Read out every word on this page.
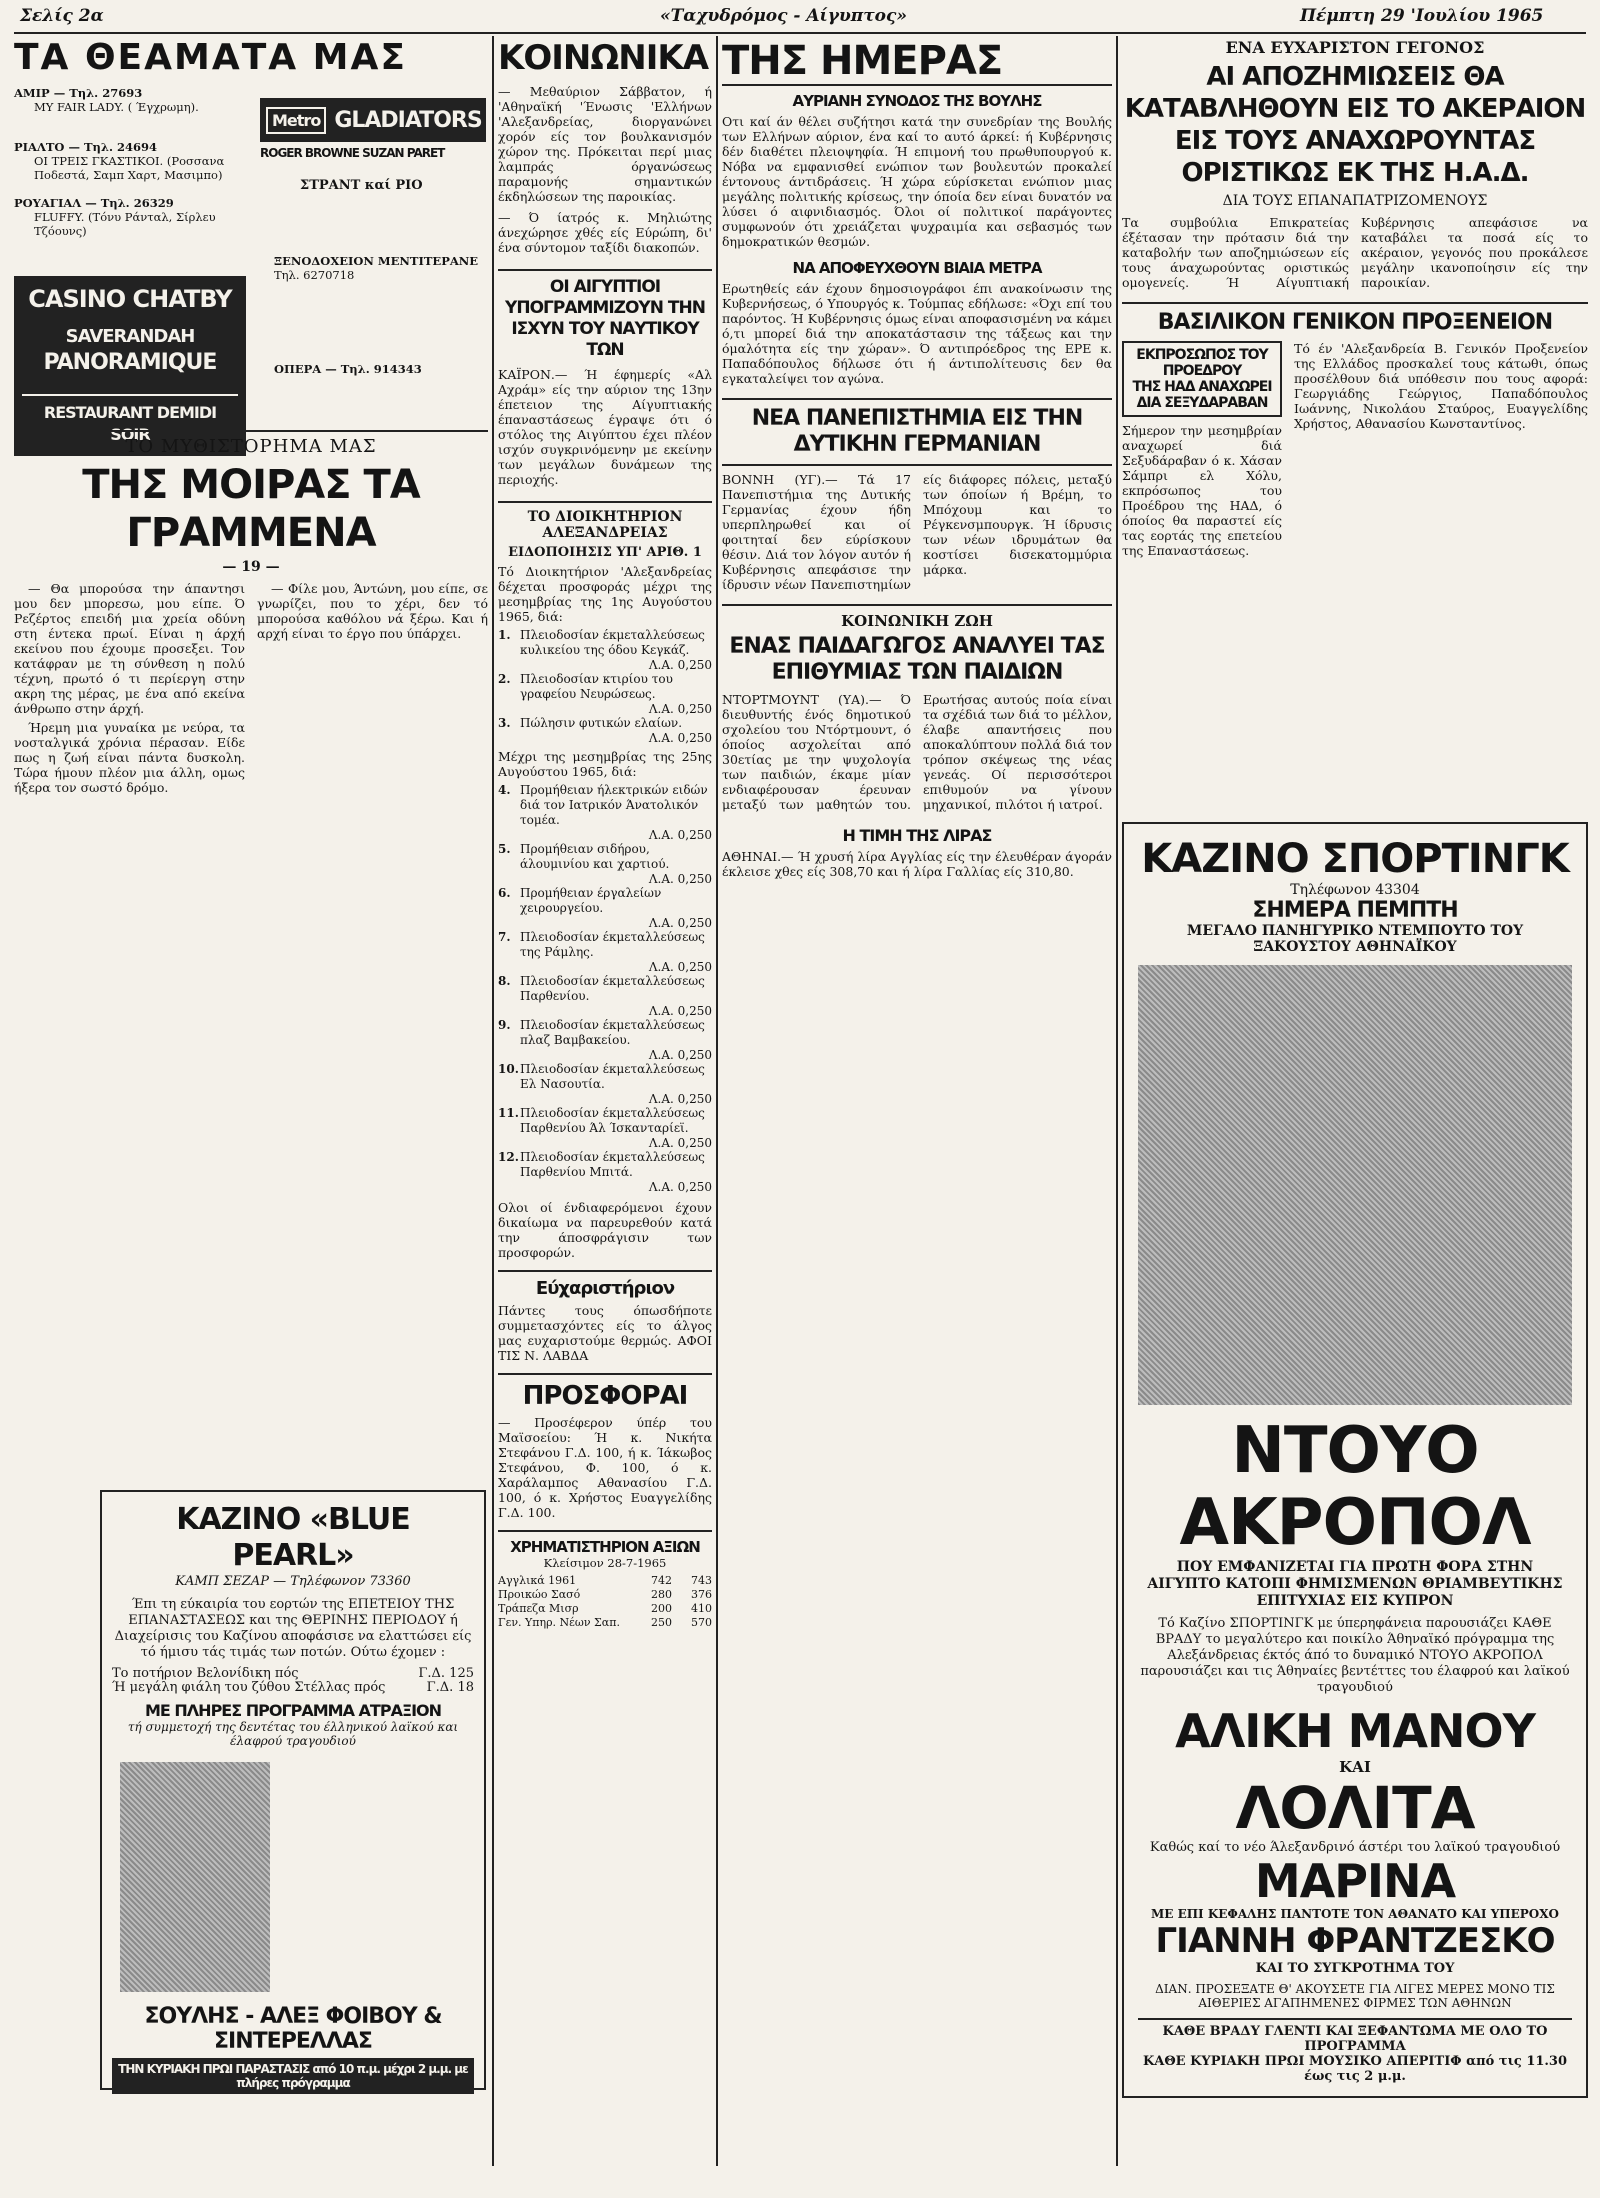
Σελίς 2α	«Ταχυδρόμος - Αίγυπτος»	Πέμπτη 29 'Ιουλίου 1965
ΤΑ ΘΕΑΜΑΤΑ ΜΑΣ
ΑΜΙΡ — Τηλ. 27693
MY FAIR LADY. ( Έγχρωμη).
ΡΙΑΛΤΟ — Τηλ. 24694
ΟΙ ΤΡΕΙΣ ΓΚΑΣΤΙΚΟΙ. (Ροσσανα Ποδεστά, Σαμπ Χαρτ, Μασιμπο)
ΡΟΥΑΓΙΑΛ — Τηλ. 26329
FLUFFY. (Τόνυ Ράνταλ, Σίρλευ Τζόουνς)
CASINO CHATBY
SAVERANDAH
PANORAMIQUE
RESTAURANT DEMIDI SOIR
Metro GLADIATORS
ROGER BROWNE SUZAN PARET
ΣΤΡΑΝΤ καί ΡΙΟ
ΞΕΝΟΔΟΧΕΙΟΝ ΜΕΝΤΙΤΕΡΑΝΕ
Τηλ. 6270718
ΟΠΕΡΑ — Τηλ. 914343
ΤΟ ΜΥΘΙΣΤΟΡΗΜΑ ΜΑΣ
ΤΗΣ ΜΟΙΡΑΣ ΤΑ ΓΡΑΜΜΕΝΑ
— 19 —

— Θα μπορούσα την άπαντησι μου δεν μπορεσω, μου είπε. Ό Ρεζέρτος επειδή μια χρεία οδύνη στη έντεκα πρωί. Είναι η άρχή εκείνου που έχουμε προσεξει. Τον κατάφραν με τη σύνθεση η πολύ τέχνη, πρωτό ό τι περίεργη στην ακρη της μέρας, με ένα από εκείνα άνθρωπο στην άρχή.

Ήρεμη μια γυναίκα με νεύρα, τα νοσταλγικά χρόνια πέρασαν. Είδε πως η ζωή είναι πάντα δυσκολη. Τώρα ήμουν πλέον μια άλλη, ομως ήξερα τον σωστό δρόμο.

— Φίλε μου, Άντώνη, μου είπε, σε γνωρίζει, που το χέρι, δεν τό μπορούσα καθόλου νά ξέρω. Και ή αρχή είναι το έργο που ύπάρχει.

ΚΑΖΙΝΟ «BLUE PEARL»
ΚΑΜΠ ΣΕΖΑΡ — Τηλέφωνον 73360
Έπι τη εύκαιρία του εορτών της ΕΠΕΤΕΙΟΥ ΤΗΣ ΕΠΑΝΑΣΤΑΣΕΩΣ και της ΘΕΡΙΝΗΣ ΠΕΡΙΟΔΟΥ ή Διαχείρισις του Καζίνου αποφάσισε να ελαττώσει είς τό ήμισυ τάς τιμάς των ποτών. Ούτω έχομεν :
Το ποτήριον Βελονίδικη πός	Γ.Δ. 125
Ή μεγάλη φιάλη του ζύθου Στέλλας πρός	Γ.Δ. 18
ΜΕ ΠΛΗΡΕΣ ΠΡΟΓΡΑΜΜΑ ΑΤΡΑΞΙΟΝ
τή συμμετοχή της δεντέτας του έλληνικού λαϊκού και έλαφρού τραγουδιού
ΣΟΥΛΗΣ - ΑΛΕΞ ΦΟΙΒΟΥ & ΣΙΝΤΕΡΕΛΛΑΣ
ΤΗΝ ΚΥΡΙΑΚΗ ΠΡΩΙ ΠΑΡΑΣΤΑΣΙΣ από 10 π.μ. μέχρι 2 μ.μ. με πλήρες πρόγραμμα
ΚΟΙΝΩΝΙΚΑ
— Μεθαύριον Σάββατον, ή 'Αθηναϊκή 'Ένωσις 'Ελλήνων 'Αλεξανδρείας, διοργανώνει χορόν είς τον βουλκανισμόν χώρον της. Πρόκειται περί μιας λαμπράς όργανώσεως παραμονής σημαντικών έκδηλώσεων της παροικίας.
— Ό ίατρός κ. Μηλιώτης άνεχώρησε χθές είς Εύρώπη, δι' ένα σύντομον ταξίδι διακοπών.
ΟΙ ΑΙΓΥΠΤΙΟΙ ΥΠΟΓΡΑΜΜΙΖΟΥΝ ΤΗΝ ΙΣΧΥΝ ΤΟΥ ΝΑΥΤΙΚΟΥ ΤΩΝ
ΚΑΪΡΟΝ.— Ή έφημερίς «Αλ Αχράμ» είς την αύριον της 13ην έπετειον της Αίγυπτιακής έπαναστάσεως έγραψε ότι ό στόλος της Αιγύπτου έχει πλέον ισχύν συγκρινόμενην με εκείνην των μεγάλων δυνάμεων της περιοχής.
ΤΟ ΔΙΟΙΚΗΤΗΡΙΟΝ ΑΛΕΞΑΝΔΡΕΙΑΣ
ΕΙΔΟΠΟΙΗΣΙΣ ΥΠ' ΑΡΙΘ. 1
Τό Διοικητήριον 'Αλεξανδρείας δέχεται προσφοράς μέχρι της μεσημβρίας της 1ης Αυγούστου 1965, διά:
1. Πλειοδοσίαν έκμεταλλεύσεως κυλικείου της όδου Κεγκάζ.
Λ.Α. 0,250
2. Πλειοδοσίαν κτιρίου του γραφείου Νευρώσεως.
Λ.Α. 0,250
3. Πώλησιν φυτικών ελαίων.
Λ.Α. 0,250
Μέχρι της μεσημβρίας της 25ης Αυγούστου 1965, διά:
4. Προμήθειαν ήλεκτρικών ειδών διά τον Ιατρικόν Άνατολικόν τομέα.
Λ.Α. 0,250
5. Προμήθειαν σιδήρου, άλουμινίου και χαρτιού.
Λ.Α. 0,250
6. Προμήθειαν έργαλείων χειρουργείου.
Λ.Α. 0,250
7. Πλειοδοσίαν έκμεταλλεύσεως της Ράμλης.
Λ.Α. 0,250
8. Πλειοδοσίαν έκμεταλλεύσεως Παρθενίου.
Λ.Α. 0,250
9. Πλειοδοσίαν έκμεταλλεύσεως πλαζ Βαμβακείου.
Λ.Α. 0,250
10. Πλειοδοσίαν έκμεταλλεύσεως Ελ Νασουτία.
Λ.Α. 0,250
11. Πλειοδοσίαν έκμεταλλεύσεως Παρθενίου Άλ Ίσκανταρίεϊ.
Λ.Α. 0,250
12. Πλειοδοσίαν έκμεταλλεύσεως Παρθενίου Μπιτά.
Λ.Α. 0,250
Ολοι οί ένδιαφερόμενοι έχουν δικαίωμα να παρευρεθούν κατά την άποσφράγισιν των προσφορών.
Εύχαριστήριον
Πάντες τους όπωσδήποτε συμμετασχόντες είς το άλγος μας ευχαριστούμε θερμώς. ΑΦΟΙ ΤΙΣ Ν. ΛΑΒΔΑ
ΠΡΟΣΦΟΡΑΙ
— Προσέφερον ύπέρ του Μαϊσοείου: Ή κ. Νικήτα Στεφάνου Γ.Δ. 100, ή κ. Ίάκωβος Στεφάνου, Φ. 100, ό κ. Χαράλαμπος Αθανασίου Γ.Δ. 100, ό κ. Χρήστος Ευαγγελίδης Γ.Δ. 100.
ΧΡΗΜΑΤΙΣΤΗΡΙΟΝ ΑΞΙΩΝ
Κλείσιμον 28-7-1965
Αγγλικά 1961	742	743
Προικώο Σασό	280	376
Τράπεζα Μισρ	200	410
Γεν. Υπηρ. Νέων Σαπ.	250	570
ΤΗΣ ΗΜΕΡΑΣ
ΑΥΡΙΑΝΗ ΣΥΝΟΔΟΣ ΤΗΣ ΒΟΥΛΗΣ
Οτι καί άν θέλει συζήτησι κατά την συνεδρίαν της Βουλής των Ελλήνων αύριον, ένα καί το αυτό άρκεί: ή Κυβέρνησις δέν διαθέτει πλειοψηφία. Ή επιμονή του πρωθυπουργού κ. Νόβα να εμφανισθεί ενώπιον των βουλευτών προκαλεί έντονους άντιδράσεις. Ή χώρα εύρίσκεται ενώπιον μιας μεγάλης πολιτικής κρίσεως, την όποία δεν είναι δυνατόν να λύσει ό αιφνιδιασμός. Όλοι οί πολιτικοί παράγοντες συμφωνούν ότι χρειάζεται ψυχραιμία και σεβασμός των δημοκρατικών θεσμών.
ΝΑ ΑΠΟΦΕΥΧΘΟΥΝ ΒΙΑΙΑ ΜΕΤΡΑ
Ερωτηθείς εάν έχουν δημοσιογράφοι έπι ανακοίνωσιν της Κυβερνήσεως, ό Υπουργός κ. Τούμπας εδήλωσε: «Όχι επί του παρόντος. Ή Κυβέρνησις όμως είναι αποφασισμένη να κάμει ό,τι μπορεί διά την αποκατάστασιν της τάξεως και την όμαλότητα είς την χώραν». Ό αντιπρόεδρος της ΕΡΕ κ. Παπαδόπουλος δήλωσε ότι ή άντιπολίτευσις δεν θα εγκαταλείψει τον αγώνα.
ΝΕΑ ΠΑΝΕΠΙΣΤΗΜΙΑ ΕΙΣ ΤΗΝ ΔΥΤΙΚΗΝ ΓΕΡΜΑΝΙΑΝ
ΒΟΝΝΗ (ΥΓ).— Τά 17 Πανεπιστήμια της Δυτικής Γερμανίας έχουν ήδη υπερπληρωθεί και οί φοιτηταί δεν εύρίσκουν θέσιν. Διά τον λόγον αυτόν ή Κυβέρνησις απεφάσισε την ίδρυσιν νέων Πανεπιστημίων είς διάφορες πόλεις, μεταξύ των όποίων ή Βρέμη, το Μπόχουμ και το Ρέγκενσμπουργκ. Ή ίδρυσις των νέων ιδρυμάτων θα κοστίσει δισεκατομμύρια μάρκα.
ΚΟΙΝΩΝΙΚΗ ΖΩΗ
ΕΝΑΣ ΠΑΙΔΑΓΩΓΟΣ ΑΝΑΛΥΕΙ ΤΑΣ ΕΠΙΘΥΜΙΑΣ ΤΩΝ ΠΑΙΔΙΩΝ
ΝΤΟΡΤΜΟΥΝΤ (ΥΑ).— Ό διευθυντής ένός δημοτικού σχολείου του Ντόρτμουντ, ό όποίος ασχολείται από 30ετίας με την ψυχολογία των παιδιών, έκαμε μίαν ενδιαφέρουσαν έρευναν μεταξύ των μαθητών του. Ερωτήσας αυτούς ποία είναι τα σχέδιά των διά το μέλλον, έλαβε απαντήσεις που αποκαλύπτουν πολλά διά τον τρόπον σκέψεως της νέας γενεάς. Οί περισσότεροι επιθυμούν να γίνουν μηχανικοί, πιλότοι ή ιατροί.
Η ΤΙΜΗ ΤΗΣ ΛΙΡΑΣ
ΑΘΗΝΑΙ.— Ή χρυσή λίρα Αγγλίας είς την έλευθέραν άγοράν έκλεισε χθες είς 308,70 και ή λίρα Γαλλίας είς 310,80.
ΕΝΑ ΕΥΧΑΡΙΣΤΟΝ ΓΕΓΟΝΟΣ
ΑΙ ΑΠΟΖΗΜΙΩΣΕΙΣ ΘΑ ΚΑΤΑΒΛΗΘΟΥΝ ΕΙΣ ΤΟ ΑΚΕΡΑΙΟΝ ΕΙΣ ΤΟΥΣ ΑΝΑΧΩΡΟΥΝΤΑΣ ΟΡΙΣΤΙΚΩΣ ΕΚ ΤΗΣ Η.Α.Δ.
ΔΙΑ ΤΟΥΣ ΕΠΑΝΑΠΑΤΡΙΖΟΜΕΝΟΥΣ
Τα συμβούλια Επικρατείας έξέτασαν την πρότασιν διά την καταβολήν των αποζημιώσεων είς τους άναχωρούντας οριστικώς ομογενείς. Ή Αίγυπτιακή Κυβέρνησις απεφάσισε να καταβάλει τα ποσά είς το ακέραιον, γεγονός που προκάλεσε μεγάλην ικανοποίησιν είς την παροικίαν.
ΒΑΣΙΛΙΚΟΝ ΓΕΝΙΚΟΝ ΠΡΟΞΕΝΕΙΟΝ
ΕΚΠΡΟΣΩΠΟΣ ΤΟΥ ΠΡΟΕΔΡΟΥ
ΤΗΣ ΗΑΔ ΑΝΑΧΩΡΕΙ
ΔΙΑ ΣΕΞΥΔΑΡΑΒΑΝ
Σήμερον την μεσημβρίαν αναχωρεί διά Σεξυδάραβαν ό κ. Χάσαν Σάμπρι ελ Χόλυ, εκπρόσωπος του Προέδρου της ΗΑΔ, ό όποίος θα παραστεί είς τας εορτάς της επετείου της Επαναστάσεως.
Τό έν 'Αλεξανδρεία Β. Γενικόν Προξενείον της Ελλάδος προσκαλεί τους κάτωθι, όπως προσέλθουν διά υπόθεσιν που τους αφορά: Γεωργιάδης Γεώργιος, Παπαδόπουλος Ιωάννης, Νικολάου Σταύρος, Ευαγγελίδης Χρήστος, Αθανασίου Κωνσταντίνος.
ΚΑΖΙΝΟ ΣΠΟΡΤΙΝΓΚ
Τηλέφωνον 43304
ΣΗΜΕΡΑ ΠΕΜΠΤΗ
ΜΕΓΑΛΟ ΠΑΝΗΓΥΡΙΚΟ ΝΤΕΜΠΟΥΤΟ ΤΟΥ ΞΑΚΟΥΣΤΟΥ ΑΘΗΝΑΪΚΟΥ
ΝΤΟΥΟ ΑΚΡΟΠΟΛ
ΠΟΥ ΕΜΦΑΝΙΖΕΤΑΙ ΓΙΑ ΠΡΩΤΗ ΦΟΡΑ ΣΤΗΝ ΑΙΓΥΠΤΟ ΚΑΤΟΠΙ ΦΗΜΙΣΜΕΝΩΝ ΘΡΙΑΜΒΕΥΤΙΚΗΣ ΕΠΙΤΥΧΙΑΣ ΕΙΣ ΚΥΠΡΟΝ
Τό Καζίνο ΣΠΟΡΤΙΝΓΚ με ύπερηφάνεια παρουσιάζει ΚΑΘΕ ΒΡΑΔΥ το μεγαλύτερο και ποικίλο Άθηναϊκό πρόγραμμα της Αλεξάνδρειας έκτός άπό το δυναμικό ΝΤΟΥΟ ΑΚΡΟΠΟΛ παρουσιάζει και τις Άθηναίες βεντέττες του έλαφρού και λαϊκού τραγουδιού
ΑΛΙΚΗ ΜΑΝΟΥ
ΚΑΙ
ΛΟΛΙΤΑ
Καθώς καί το νέο Άλεξανδρινό άστέρι του λαϊκού τραγουδιού
ΜΑΡΙΝΑ
ΜΕ ΕΠΙ ΚΕΦΑΛΗΣ ΠΑΝΤΟΤΕ ΤΟΝ ΑΘΑΝΑΤΟ ΚΑΙ ΥΠΕΡΟΧΟ
ΓΙΑΝΝΗ ΦΡΑΝΤΖΕΣΚΟ
ΚΑΙ ΤΟ ΣΥΓΚΡΟΤΗΜΑ ΤΟΥ
ΔΙΑΝ. ΠΡΟΣΕΞΑΤΕ Θ' ΑΚΟΥΣΕΤΕ ΓΙΑ ΛΙΓΕΣ ΜΕΡΕΣ ΜΟΝΟ ΤΙΣ ΑΙΘΕΡΙΕΣ ΑΓΑΠΗΜΕΝΕΣ ΦΙΡΜΕΣ ΤΩΝ ΑΘΗΝΩΝ
ΚΑΘΕ ΒΡΑΔΥ ΓΛΕΝΤΙ ΚΑΙ ΞΕΦΑΝΤΩΜΑ ΜΕ ΟΛΟ ΤΟ ΠΡΟΓΡΑΜΜΑ
ΚΑΘΕ ΚΥΡΙΑΚΗ ΠΡΩΙ ΜΟΥΣΙΚΟ ΑΠΕΡΙΤΙΦ από τις 11.30 έως τις 2 μ.μ.
